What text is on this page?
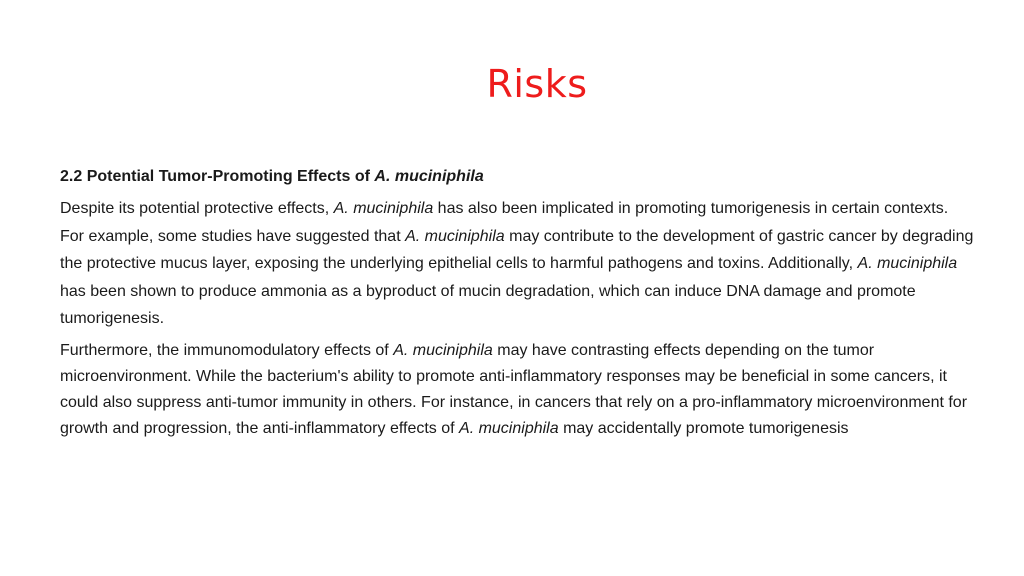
Risks
2.2 Potential Tumor-Promoting Effects of A. muciniphila

Despite its potential protective effects, A. muciniphila has also been implicated in promoting tumorigenesis in certain contexts. For example, some studies have suggested that A. muciniphila may contribute to the development of gastric cancer by degrading the protective mucus layer, exposing the underlying epithelial cells to harmful pathogens and toxins. Additionally, A. muciniphila has been shown to produce ammonia as a byproduct of mucin degradation, which can induce DNA damage and promote tumorigenesis.

Furthermore, the immunomodulatory effects of A. muciniphila may have contrasting effects depending on the tumor microenvironment. While the bacterium's ability to promote anti-inflammatory responses may be beneficial in some cancers, it could also suppress anti-tumor immunity in others. For instance, in cancers that rely on a pro-inflammatory microenvironment for growth and progression, the anti-inflammatory effects of A. muciniphila may accidentally promote tumorigenesis
